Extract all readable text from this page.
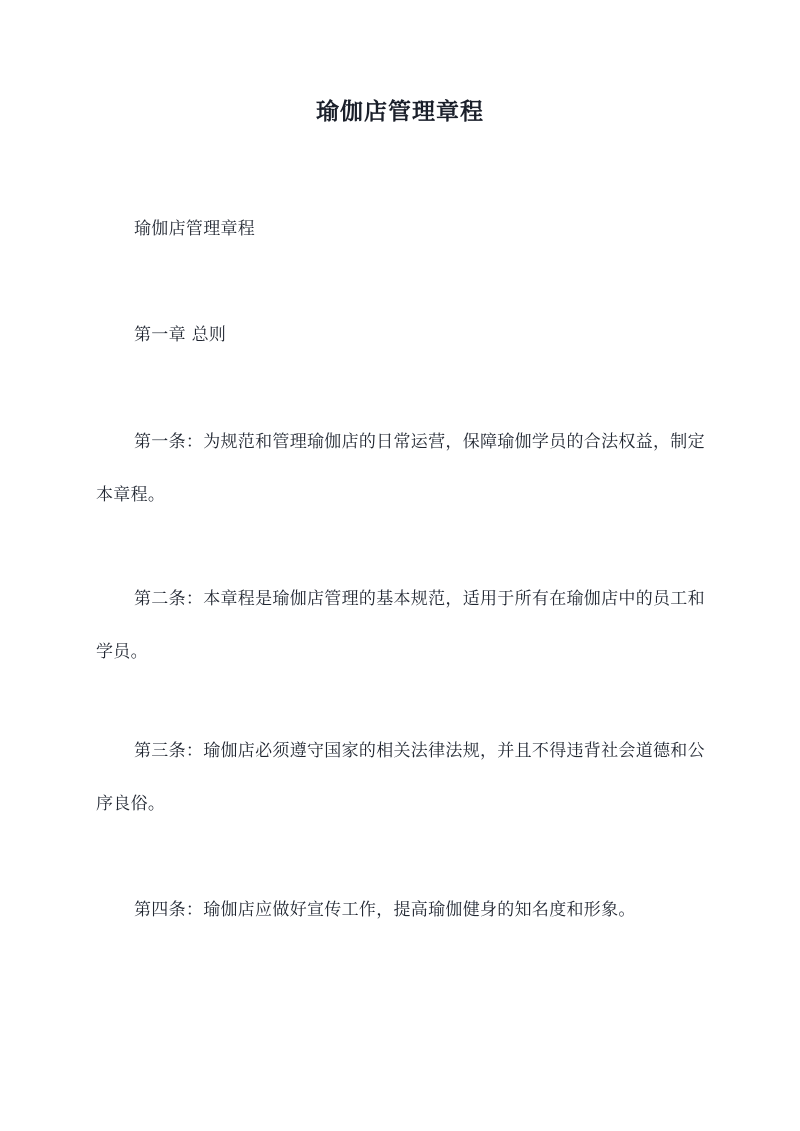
瑜伽店管理章程
瑜伽店管理章程
第一章 总则
第一条：为规范和管理瑜伽店的日常运营，保障瑜伽学员的合法权益，制定本章程。
第二条：本章程是瑜伽店管理的基本规范，适用于所有在瑜伽店中的员工和学员。
第三条：瑜伽店必须遵守国家的相关法律法规，并且不得违背社会道德和公序良俗。
第四条：瑜伽店应做好宣传工作，提高瑜伽健身的知名度和形象。
